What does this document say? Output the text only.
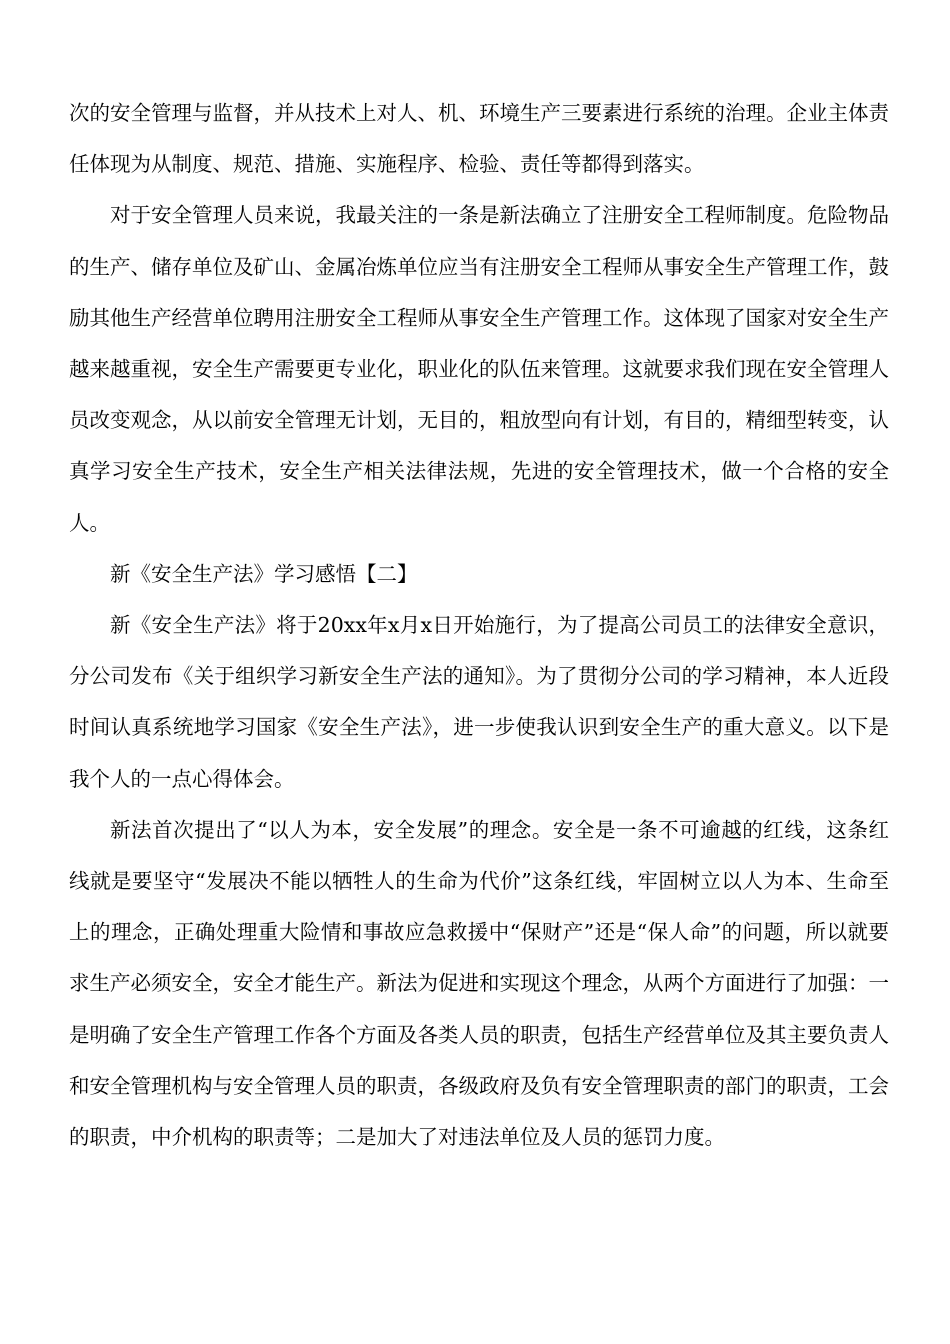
次的安全管理与监督，并从技术上对人、机、环境生产三要素进行系统的治理。企业主体责任体现为从制度、规范、措施、实施程序、检验、责任等都得到落实。

对于安全管理人员来说，我最关注的一条是新法确立了注册安全工程师制度。危险物品的生产、储存单位及矿山、金属冶炼单位应当有注册安全工程师从事安全生产管理工作，鼓励其他生产经营单位聘用注册安全工程师从事安全生产管理工作。这体现了国家对安全生产越来越重视，安全生产需要更专业化，职业化的队伍来管理。这就要求我们现在安全管理人员改变观念，从以前安全管理无计划，无目的，粗放型向有计划，有目的，精细型转变，认真学习安全生产技术，安全生产相关法律法规，先进的安全管理技术，做一个合格的安全人。

新《安全生产法》学习感悟【二】

新《安全生产法》将于20xx年x月x日开始施行，为了提高公司员工的法律安全意识，分公司发布《关于组织学习新安全生产法的通知》。为了贯彻分公司的学习精神，本人近段时间认真系统地学习国家《安全生产法》，进一步使我认识到安全生产的重大意义。以下是我个人的一点心得体会。

新法首次提出了“以人为本，安全发展”的理念。安全是一条不可逾越的红线，这条红线就是要坚守“发展决不能以牺牲人的生命为代价”这条红线，牢固树立以人为本、生命至上的理念，正确处理重大险情和事故应急救援中“保财产”还是“保人命”的问题，所以就要求生产必须安全，安全才能生产。新法为促进和实现这个理念，从两个方面进行了加强：一是明确了安全生产管理工作各个方面及各类人员的职责，包括生产经营单位及其主要负责人和安全管理机构与安全管理人员的职责，各级政府及负有安全管理职责的部门的职责，工会的职责，中介机构的职责等；二是加大了对违法单位及人员的惩罚力度。
